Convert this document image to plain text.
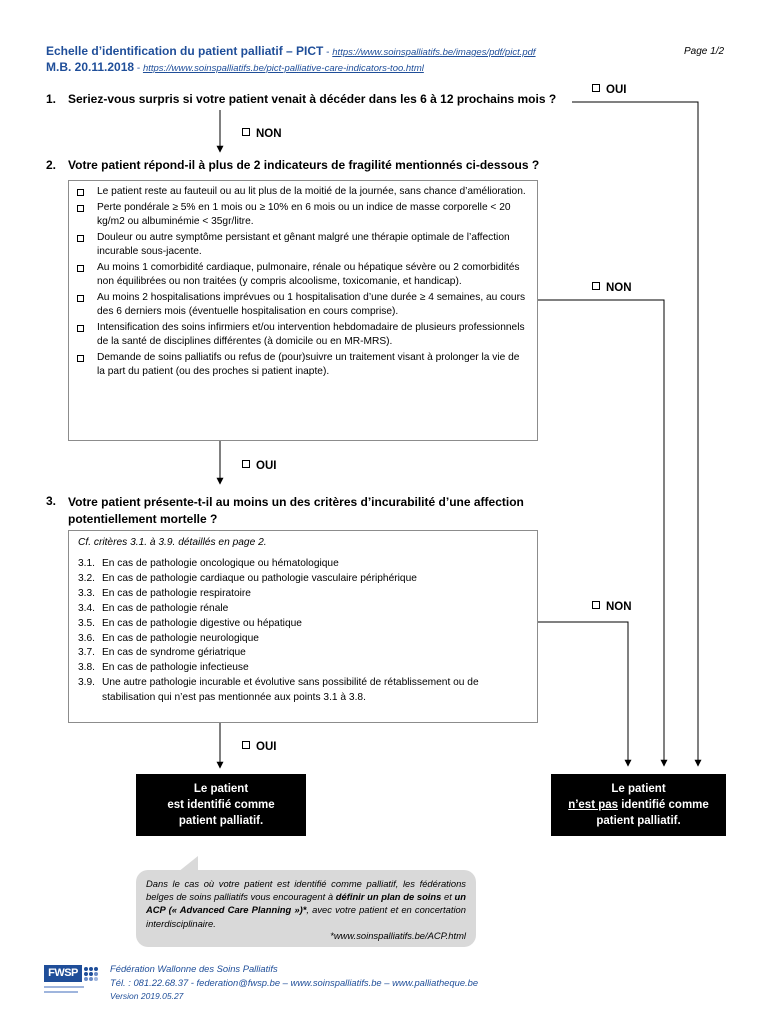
Echelle d’identification du patient palliatif – PICT - https://www.soinspalliatifs.be/images/pdf/pict.pdf
M.B. 20.11.2018 - https://www.soinspalliatifs.be/pict-palliative-care-indicators-too.html
Page 1/2
1. Seriez-vous surpris si votre patient venait à décéder dans les 6 à 12 prochains mois ?
OUI
NON
2. Votre patient répond-il à plus de 2 indicateurs de fragilité mentionnés ci-dessous ?
Le patient reste au fauteuil ou au lit plus de la moitié de la journée, sans chance d’amélioration.
Perte pondérale ≥ 5% en 1 mois ou ≥ 10% en 6 mois ou un indice de masse corporelle < 20 kg/m2 ou albuminémie < 35gr/litre.
Douleur ou autre symptôme persistant et gênant malgré une thérapie optimale de l’affection incurable sous-jacente.
Au moins 1 comorbidité cardiaque, pulmonaire, rénale ou hépatique sévère ou 2 comorbidités non équilibrées ou non traitées (y compris alcoolisme, toxicomanie, et handicap).
Au moins 2 hospitalisations imprévues ou 1 hospitalisation d’une durée ≥ 4 semaines, au cours des 6 derniers mois (éventuelle hospitalisation en cours comprise).
Intensification des soins infirmiers et/ou intervention hebdomadaire de plusieurs professionnels de la santé de disciplines différentes (à domicile ou en MR-MRS).
Demande de soins palliatifs ou refus de (pour)suivre un traitement visant à prolonger la vie de la part du patient (ou des proches si patient inapte).
NON
OUI
3. Votre patient présente-t-il au moins un des critères d’incurabilité d’une affection potentiellement mortelle ?
Cf. critères 3.1. à 3.9. détaillés en page 2.
3.1. En cas de pathologie oncologique ou hématologique
3.2. En cas de pathologie cardiaque ou pathologie vasculaire périphérique
3.3. En cas de pathologie respiratoire
3.4. En cas de pathologie rénale
3.5. En cas de pathologie digestive ou hépatique
3.6. En cas de pathologie neurologique
3.7. En cas de syndrome gériatrique
3.8. En cas de pathologie infectieuse
3.9. Une autre pathologie incurable et évolutive sans possibilité de rétablissement ou de stabilisation qui n’est pas mentionnée aux points 3.1 à 3.8.
NON
OUI
Le patient
est identifié comme
patient palliatif.
Le patient
n’est pas identifié comme
patient palliatif.
Dans le cas où votre patient est identifié comme palliatif, les fédérations belges de soins palliatifs vous encouragent à définir un plan de soins et un ACP (« Advanced Care Planning »)*, avec votre patient et en concertation interdisciplinaire.
*www.soinspalliatifs.be/ACP.html
FWSP	Fédération Wallonne des Soins Palliatifs
Tél. : 081.22.68.37 - federation@fwsp.be – www.soinspalliatifs.be – www.palliatheque.be
Version 2019.05.27
